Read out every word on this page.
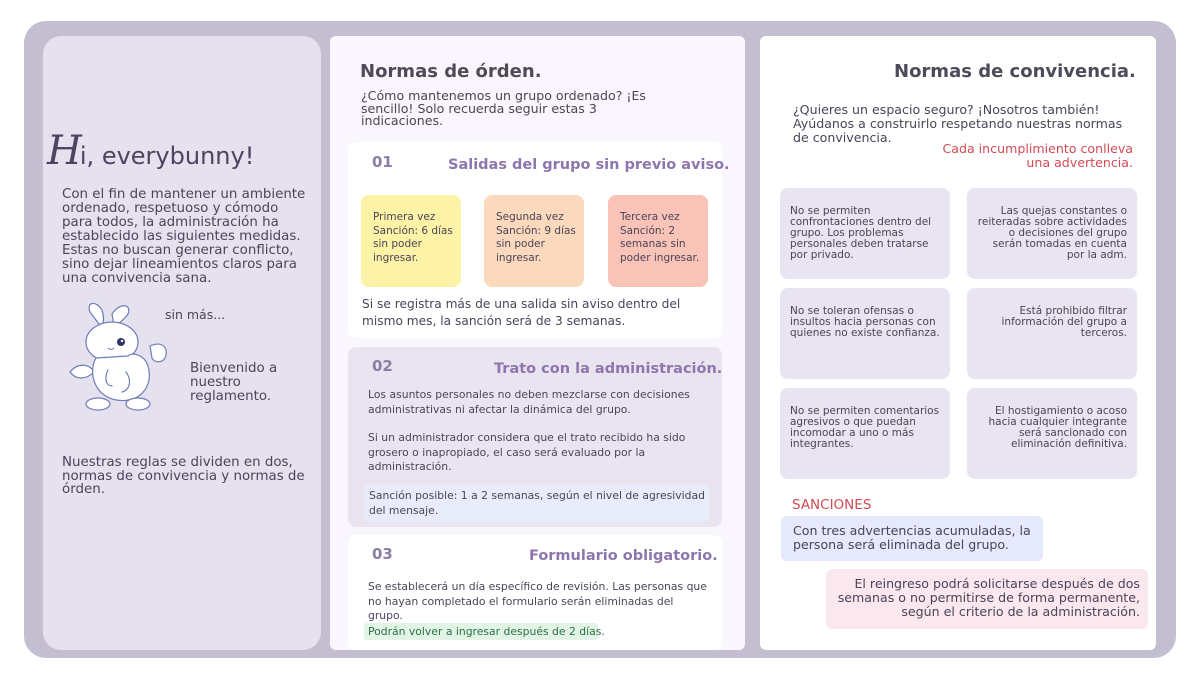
Hi, everybunny!
Con el fin de mantener un ambiente ordenado, respetuoso y cómodo para todos, la administración ha establecido las siguientes medidas. Estas no buscan generar conflicto, sino dejar lineamientos claros para una convivencia sana.
sin más...
Bienvenido a nuestro reglamento.
Nuestras reglas se dividen en dos, normas de convivencia y normas de órden.
Normas de órden.
¿Cómo mantenemos un grupo ordenado? ¡Es sencillo! Solo recuerda seguir estas 3 indicaciones.
01	Salidas del grupo sin previo aviso.
Primera vez
Sanción: 6 días sin poder ingresar.
Segunda vez
Sanción: 9 días sin poder ingresar.
Tercera vez
Sanción: 2 semanas sin poder ingresar.
Si se registra más de una salida sin aviso dentro del mismo mes, la sanción será de 3 semanas.
02	Trato con la administración.
Los asuntos personales no deben mezclarse con decisiones administrativas ni afectar la dinámica del grupo.
Si un administrador considera que el trato recibido ha sido grosero o inapropiado, el caso será evaluado por la administración.
Sanción posible: 1 a 2 semanas, según el nivel de agresividad del mensaje.
03	Formulario obligatorio.
Se establecerá un día específico de revisión. Las personas que no hayan completado el formulario serán eliminadas del grupo.
Podrán volver a ingresar después de 2 días.
Normas de convivencia.
¿Quieres un espacio seguro? ¡Nosotros también! Ayúdanos a construirlo respetando nuestras normas de convivencia.
Cada incumplimiento conlleva una advertencia.
No se permiten confrontaciones dentro del grupo. Los problemas personales deben tratarse por privado.
Las quejas constantes o reiteradas sobre actividades o decisiones del grupo serán tomadas en cuenta por la adm.
No se toleran ofensas o insultos hacia personas con quienes no existe confianza.
Está prohibido filtrar información del grupo a terceros.
No se permiten comentarios agresivos o que puedan incomodar a uno o más integrantes.
El hostigamiento o acoso hacia cualquier integrante será sancionado con eliminación definitiva.
SANCIONES
Con tres advertencias acumuladas, la persona será eliminada del grupo.
El reingreso podrá solicitarse después de dos semanas o no permitirse de forma permanente, según el criterio de la administración.
